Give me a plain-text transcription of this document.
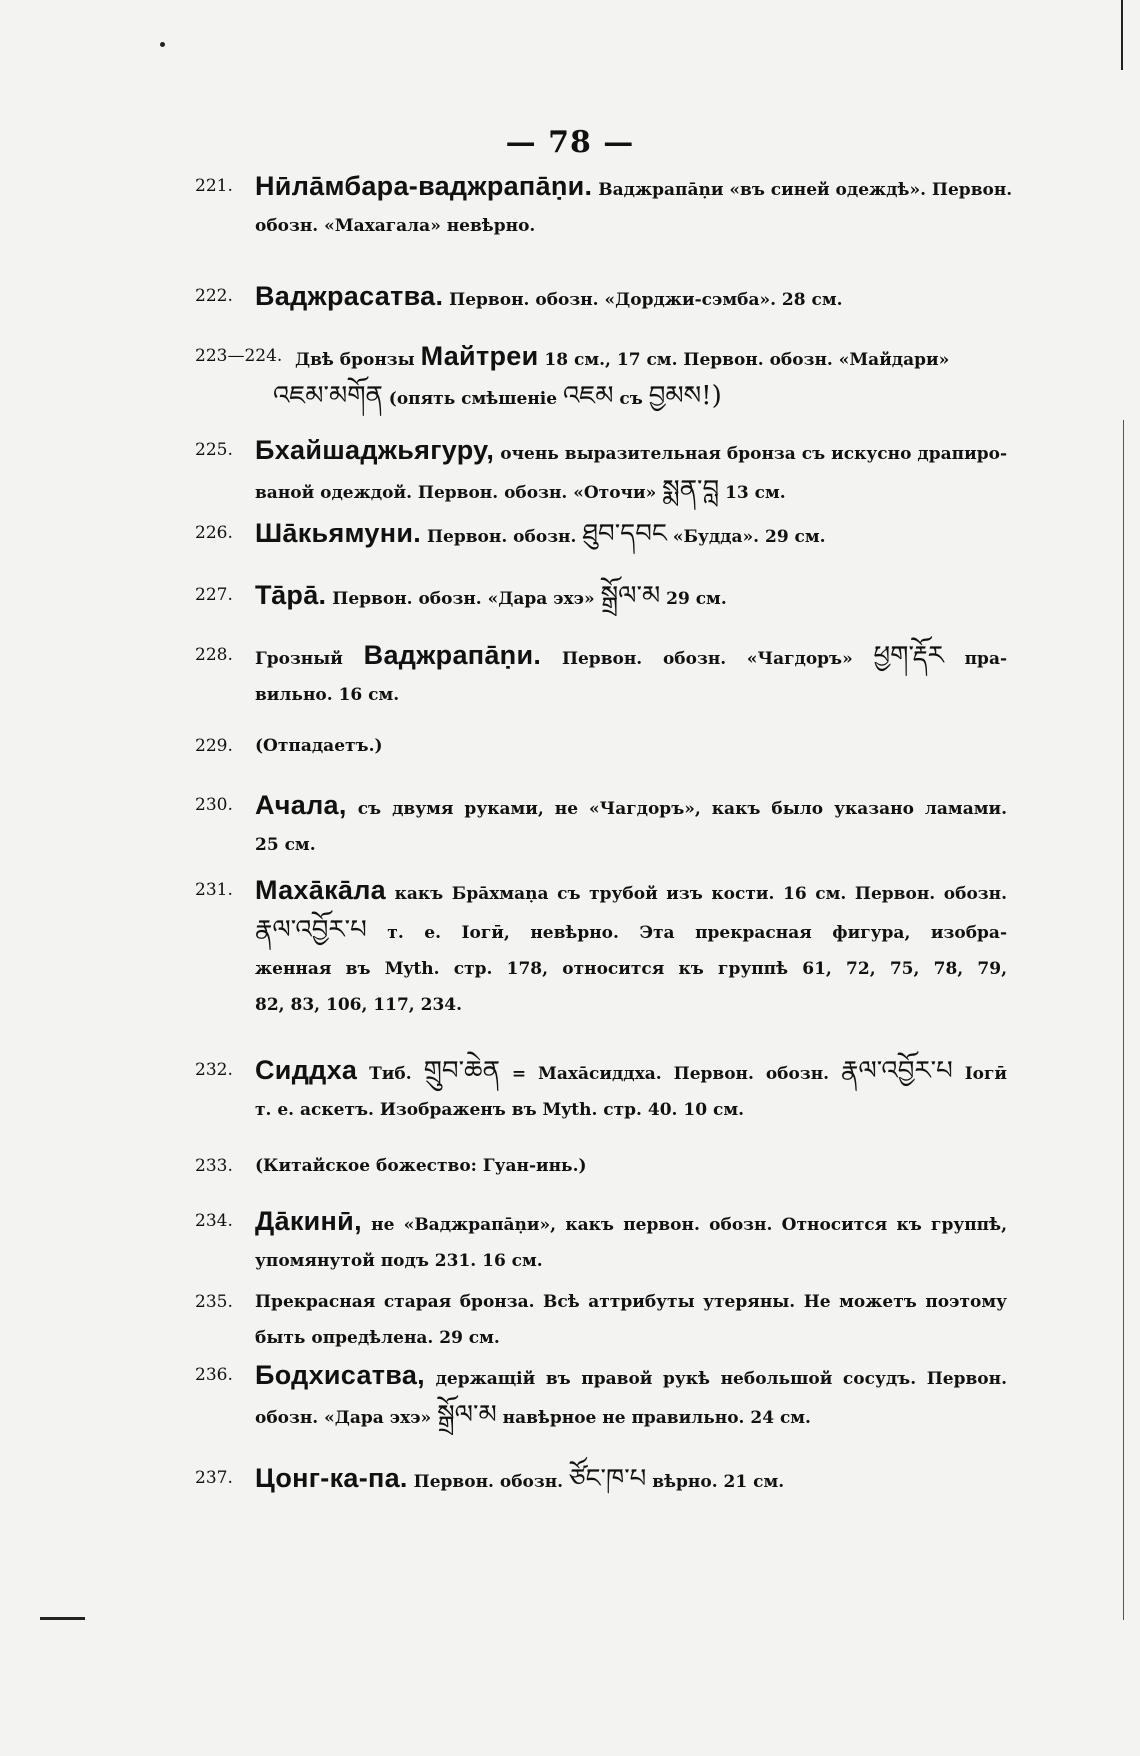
— 78 —
221. Нӣла̄мбара-ваджрапа̄ṇи. Ваджрапа̄ṇи «въ синей одеждѣ». Первон.
обозн. «Махагала» невѣрно.
222. Ваджрасатва. Первон. обозн. «Дорджи-сэмба». 28 см.
223—224. Двѣ бронзы Майтреи 18 см., 17 см. Первон. обозн. «Майдари»
འཇམ་མགོན (опять смѣшеніе འཇམ съ བྱམས!)
225. Бхайшаджьягуру, очень выразительная бронза съ искусно драпиро-
ваной одеждой. Первон. обозн. «Оточи» སྨན་བླ 13 см.
226. Ша̄кьямуни. Первон. обозн. ཐུབ་དབང «Будда». 29 см.
227. Та̄ра̄. Первон. обозн. «Дара эхэ» སྒྲོལ་མ 29 см.
228.	Грозный Ваджрапа̄ṇи. Первон. обозн. «Чагдоръ» ཕྱག་རྡོར пра-
вильно. 16 см.
229.	(Отпадаетъ.)
230. Ачала, съ двумя руками, не «Чагдоръ», какъ было указано ламами.
25 см.
231. Маха̄ка̄ла какъ Бра̄хмаṇа съ трубой изъ кости. 16 см. Первон. обозн.
རྣལ་འབྱོར་པ т. е. Іогӣ, невѣрно. Эта прекрасная фигура, изобра-
женная въ Myth. стр. 178, относится къ группѣ 61, 72, 75, 78, 79,
82, 83, 106, 117, 234.
232. Сиддха Тиб. གྲུབ་ཆེན = Маха̄сиддха. Первон. обозн. རྣལ་འབྱོར་པ Іогӣ
т. е. аскетъ. Изображенъ въ Myth. стр. 40. 10 см.
233.	(Китайское божество: Гуан-инь.)
234. Да̄кинӣ, не «Ваджрапа̄ṇи», какъ первон. обозн. Относится къ группѣ,
упомянутой подъ 231. 16 см.
235.	Прекрасная старая бронза. Всѣ аттрибуты утеряны. Не можетъ поэтому
быть опредѣлена. 29 см.
236. Бодхисатва, держащій въ правой рукѣ небольшой сосудъ. Первон.
обозн. «Дара эхэ» སྒྲོལ་མ навѣрное не правильно. 24 см.
237. Цонг-ка-па. Первон. обозн. ཙོང་ཁ་པ вѣрно. 21 см.
